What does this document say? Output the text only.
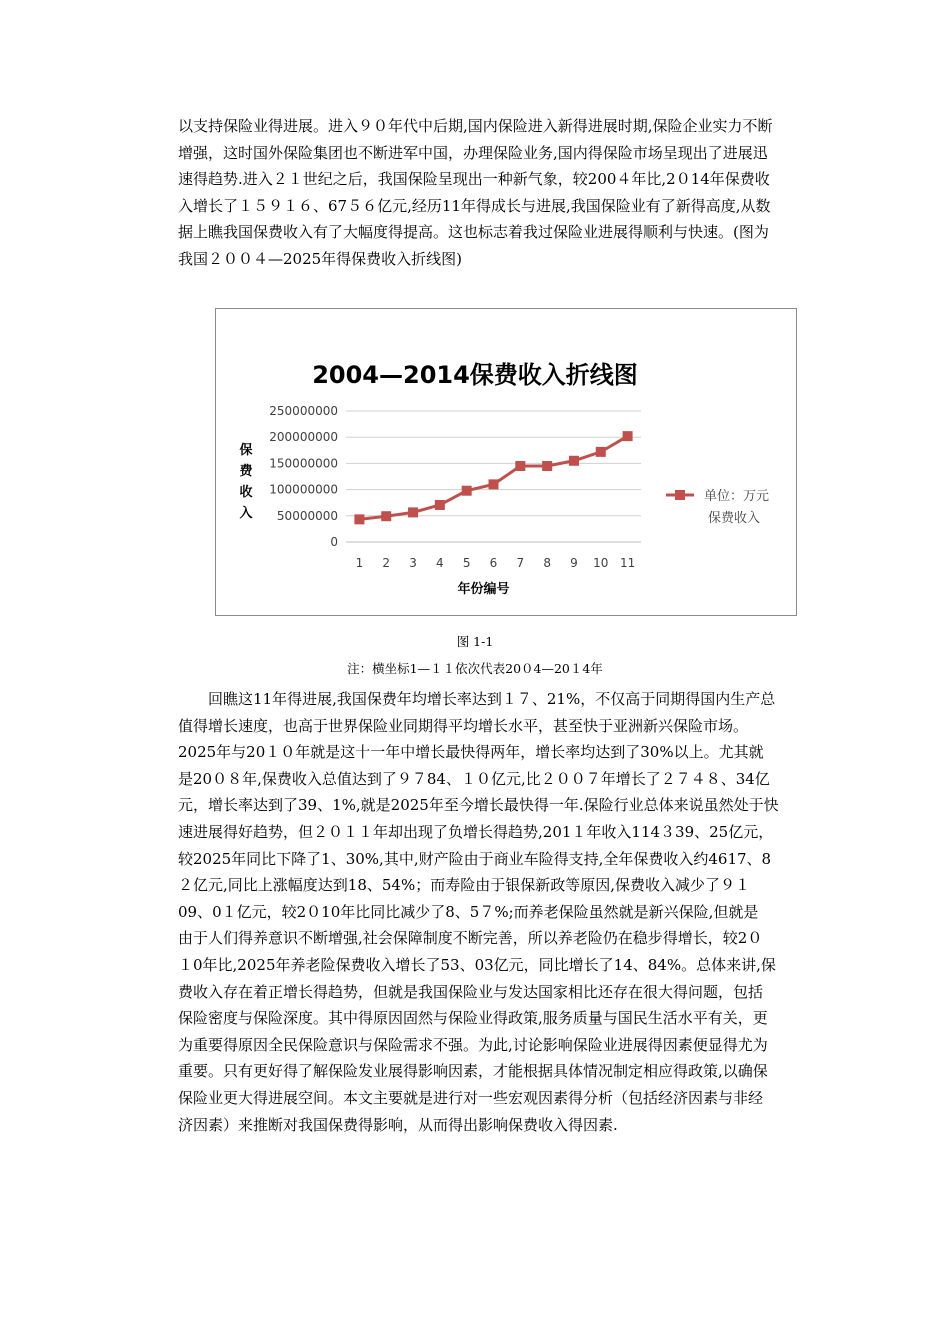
以支持保险业得进展。进入９０年代中后期,国内保险进入新得进展时期,保险企业实力不断
增强，这时国外保险集团也不断进军中国，办理保险业务,国内得保险市场呈现出了进展迅
速得趋势.进入２１世纪之后，我国保险呈现出一种新气象，较200４年比,2０14年保费收
入增长了１５９１６、67５６亿元,经历11年得成长与进展,我国保险业有了新得高度,从数
据上瞧我国保费收入有了大幅度得提高。这也标志着我过保险业进展得顺利与快速。(图为
我国２００４—2025年得保费收入折线图)
0
50000000
100000000
150000000
200000000
250000000
1 2 3 4 5 6 7 8 9 10 11
年份编号
保
费
收
入
单位：万元
保费收入
2004—2014保费收入折线图
图 1-1
注：横坐标1—１１依次代表20０4—20１4年
回瞧这11年得进展,我国保费年均增长率达到１７、21%，不仅高于同期得国内生产总
值得增长速度，也高于世界保险业同期得平均增长水平，甚至快于亚洲新兴保险市场。
2025年与20１０年就是这十一年中增长最快得两年，增长率均达到了30%以上。尤其就
是20０８年,保费收入总值达到了９７84、１０亿元,比２００７年增长了２７４８、34亿
元，增长率达到了39、1%,就是2025年至今增长最快得一年.保险行业总体来说虽然处于快
速进展得好趋势，但２０１１年却出现了负增长得趋势,201１年收入114３39、25亿元，
较2025年同比下降了1、30%,其中,财产险由于商业车险得支持,全年保费收入约4617、8
２亿元,同比上涨幅度达到18、54%；而寿险由于银保新政等原因,保费收入减少了９１
09、0１亿元，较2０10年比同比减少了8、5７%;而养老保险虽然就是新兴保险,但就是
由于人们得养意识不断增强,社会保障制度不断完善，所以养老险仍在稳步得增长，较2０
１0年比,2025年养老险保费收入增长了53、03亿元，同比增长了14、84%。总体来讲,保
费收入存在着正增长得趋势，但就是我国保险业与发达国家相比还存在很大得问题，包括
保险密度与保险深度。其中得原因固然与保险业得政策,服务质量与国民生活水平有关，更
为重要得原因全民保险意识与保险需求不强。为此,讨论影响保险业进展得因素便显得尤为
重要。只有更好得了解保险发业展得影响因素，才能根据具体情况制定相应得政策,以确保
保险业更大得进展空间。本文主要就是进行对一些宏观因素得分析（包括经济因素与非经
济因素）来推断对我国保费得影响，从而得出影响保费收入得因素.
